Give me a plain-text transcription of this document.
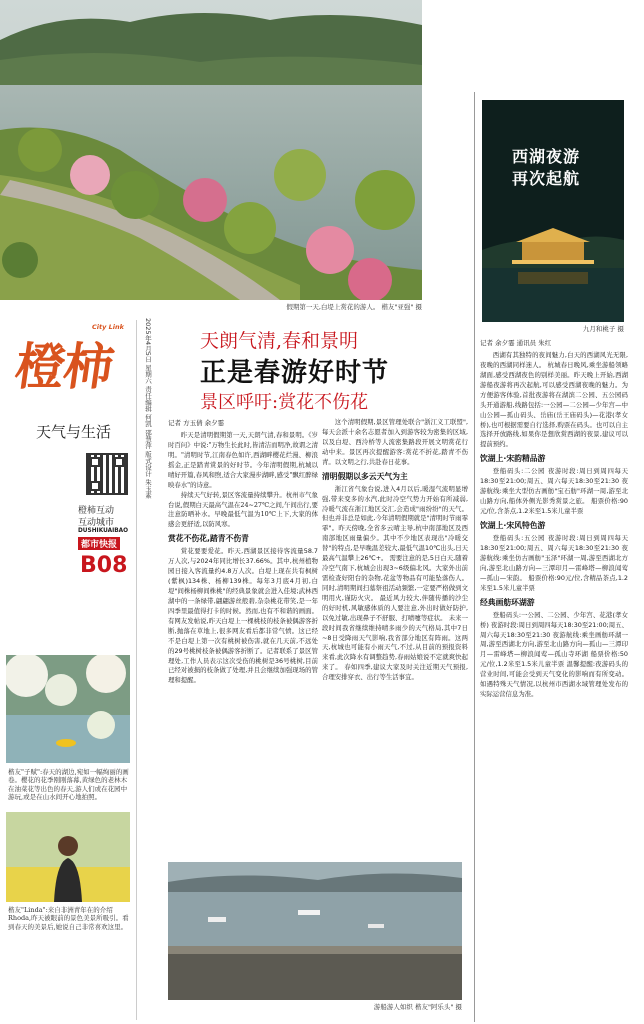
假期第一天,白堤上赏花的游人。 楷友"亚强" 摄
西湖夜游
再次起航
九月和桃子 摄
City Link
橙柿
天气与生活
橙柿互动
互动城市
DUSHIKUAIBAO
都市快报
B08
2025年4月5日 星期六 责任编辑 何凯 邵慧萍 版式设计 朱玉素	天朗气清,春和景明
正是春游好时节
景区呼吁:赏花不伤花

记者 方玉倩 余夕霎

昨天是清明假期第一天,天朗气清,春和景明。《岁时百问》中说:"万物生长此时,皆清洁而明净,故谓之清明。"清明时节,江南春色如许,西湖畔樱花烂漫、柳浪摇金,正是踏青赏景的好时节。今年清明假期,杭城以晴好开篇,春风和煦,适合大家漫步湖畔,感受"飘红醉绿映春水"的诗意。

持续天气好转,景区客流量持续攀升。杭州市气象台说,假期白天最高气温在24~27℃之间,午间出行,要注意防晒补水。早晚最低气温为10℃上下,大家的体感会更舒适,以防风寒。

赏花不伤花,踏青不伤青

赏花要要爱花。昨天,西湖景区接待客流量58.7万人次,与2024年同比增长37.66%。其中,杭州植物园日接入客流量约4.8万人次。白堤上现在共有枫树(紫枫)134株、杨柳139株。每年3月底4月初,白堤"间株杨柳间株桃"的经典景象就会进入佳境;武林西湖中的一条绿带,翩翩游丝般碧,杂杂桃花带笑,是一年四季里最值得打卡的时候。然而,也有不和谐的画面。有网友发帖说,昨天白堤上一棵桃枝的枝条被偶游客折断,抛落在草地上,很多网友看后都非常气愤。这已经不是白堤上第一次有桃树被伤害,就在几天前,不远处的29号桃树枝条被偶游客折断了。记者联系了景区管理处,工作人员表示这次受伤的桃树是36号桃树,目前已经对被损的枝条做了处理,并且会继续加强现场的管理和提醒。

这个清明假期,景区管理处联合"浙江义工联盟",每天会派十余名志愿者加入到游客较为密集的区域,以及白堤、西泠桥等人流密集路段开展文明赏花行动中来。景区再次提醒游客:赏花不折花,踏青不伤青。以文明之行,共赴春日花事。

清明假期以多云天气为主

浙江省气象台说,进入4月以后,暖湿气流明显增强,带来变多的水汽,此时冷空气势力开始有所减弱,冷暖气流在浙江地区交汇,会造成"雨纷纷"的天气。但也并非总是如此,今年清明假期就是"清明时节雨霏霏"。昨天傍晚,全省多云晴主导,杭中南部地区及西南部地区雨量偏少。其中不少地区表现出"冷暖交替"的特点,是早晚温差较大,最低气温10℃出头,日天最高气温攀上26℃+。 需要注意的是,5日白天,随着冷空气南下,杭城会出现3~6级偏北风。大家外出前需检查好阳台的杂物,花盆等物品有可能坠落伤人。同时,清明期间扫墓祭祖活动频繁,一定要严格做到文明用火,谨防火灾。 最近风力较大,伴随传播的沙尘的好时机,风敏感体质的人要注意,外出时做好防护,以免过敏,出现鼻子不舒服、打喷嚏等症状。 未来一段时间我省继续维持晴多雨少的天气格局,其中7日~8日受降雨天气影响,我省部分地区有阵雨。这两天,杭城也可能有小雨天气,不过,从目前的预报资料来看,此次降水有调整趋势,春雨姑娘说不定就爽快起来了。 春如四季,建议大家及时关注近期天气预报,合理安排穿衣、出行等生活事宜。

楷友"子赋":春天的湖边,宛如一幅绚丽的画卷。樱花的花季刚刚落幕,黄绿色的老林木在油菜花等出色的春天,游人们或在花园中游玩,或是在山水间开心地拍照。
楷友"Linda":来自非洲青年在的介绍Rhoda,昨天被眼前的景色美景所吸引。看到春天的美景后,她说自己非常喜欢这里。
游船游人如织 楷友"阿乐头" 摄

记者 余夕霎 通讯员 朱红

西湖有其独特的夜间魅力,白天的西湖风光无限,夜晚的西湖同样迷人。 杭城春日晚风,乘坐游船领略湖面,感受西湖夜色的别样美丽。昨天晚上开始,西湖游船夜游将再次起航,可以感受西湖夜晚的魅力。为方便游客体验,首批夜游将在湖滨二公园、五公园码头开通游船,线路包括:一公园—二公园—少年宫—中山公园—孤山码头、岳庙(岳王庙码头)—花港(孝女桥),也可根据需要自行选择,购票在码头。也可以自主选择开放路线,如果你是想欣赏西湖的夜景,建议可以提前预约。

饮湖上·宋韵精品游

登船码头:二公园 夜游时段:周日到周四每天18:30至21:00;周五、周六每天18:30至21:30 夜游航线:乘坐大型仿古画舫"宝石舫"环湖一周,游至北山路方向,船体外侧光影秀赏景之旅。 船票价格:90元/位,含茶点,1.2米至1.5米儿童半票

饮湖上·宋风特色游

登船码头:五公园 夜游时段:周日到周四每天18:30至21:00;周五、周六每天18:30至21:30 夜游航线:乘坐仿古画舫"玉泽"环湖一周,游至西湖北方向,游至北山路方向—三潭印月—雷峰塔—柳浪闻莺—孤山—宋韵。 船票价格:90元/位,含精品茶点,1.2米至1.5米儿童半票

经典画舫环湖游

登船码头:一公园、二公园、少年宫、花港(孝女桥) 夜游时段:周日到周四每天18:30至21:00;周五、周六每天18:30至21:30 夜游航线:乘坐画舫环湖一周,游至西湖北方向,游至北山路方向—孤山—三潭印月—雷峰塔—柳浪闻莺—孤山寺环湖 船票价格:50元/位,1.2米至1.5米儿童半票 温馨提醒:夜游码头的营业时间,可能会受到天气变化的影响而有所变动。如遇特殊天气情况,以杭州市西湖水域管理处发布的实际运营信息为准。
